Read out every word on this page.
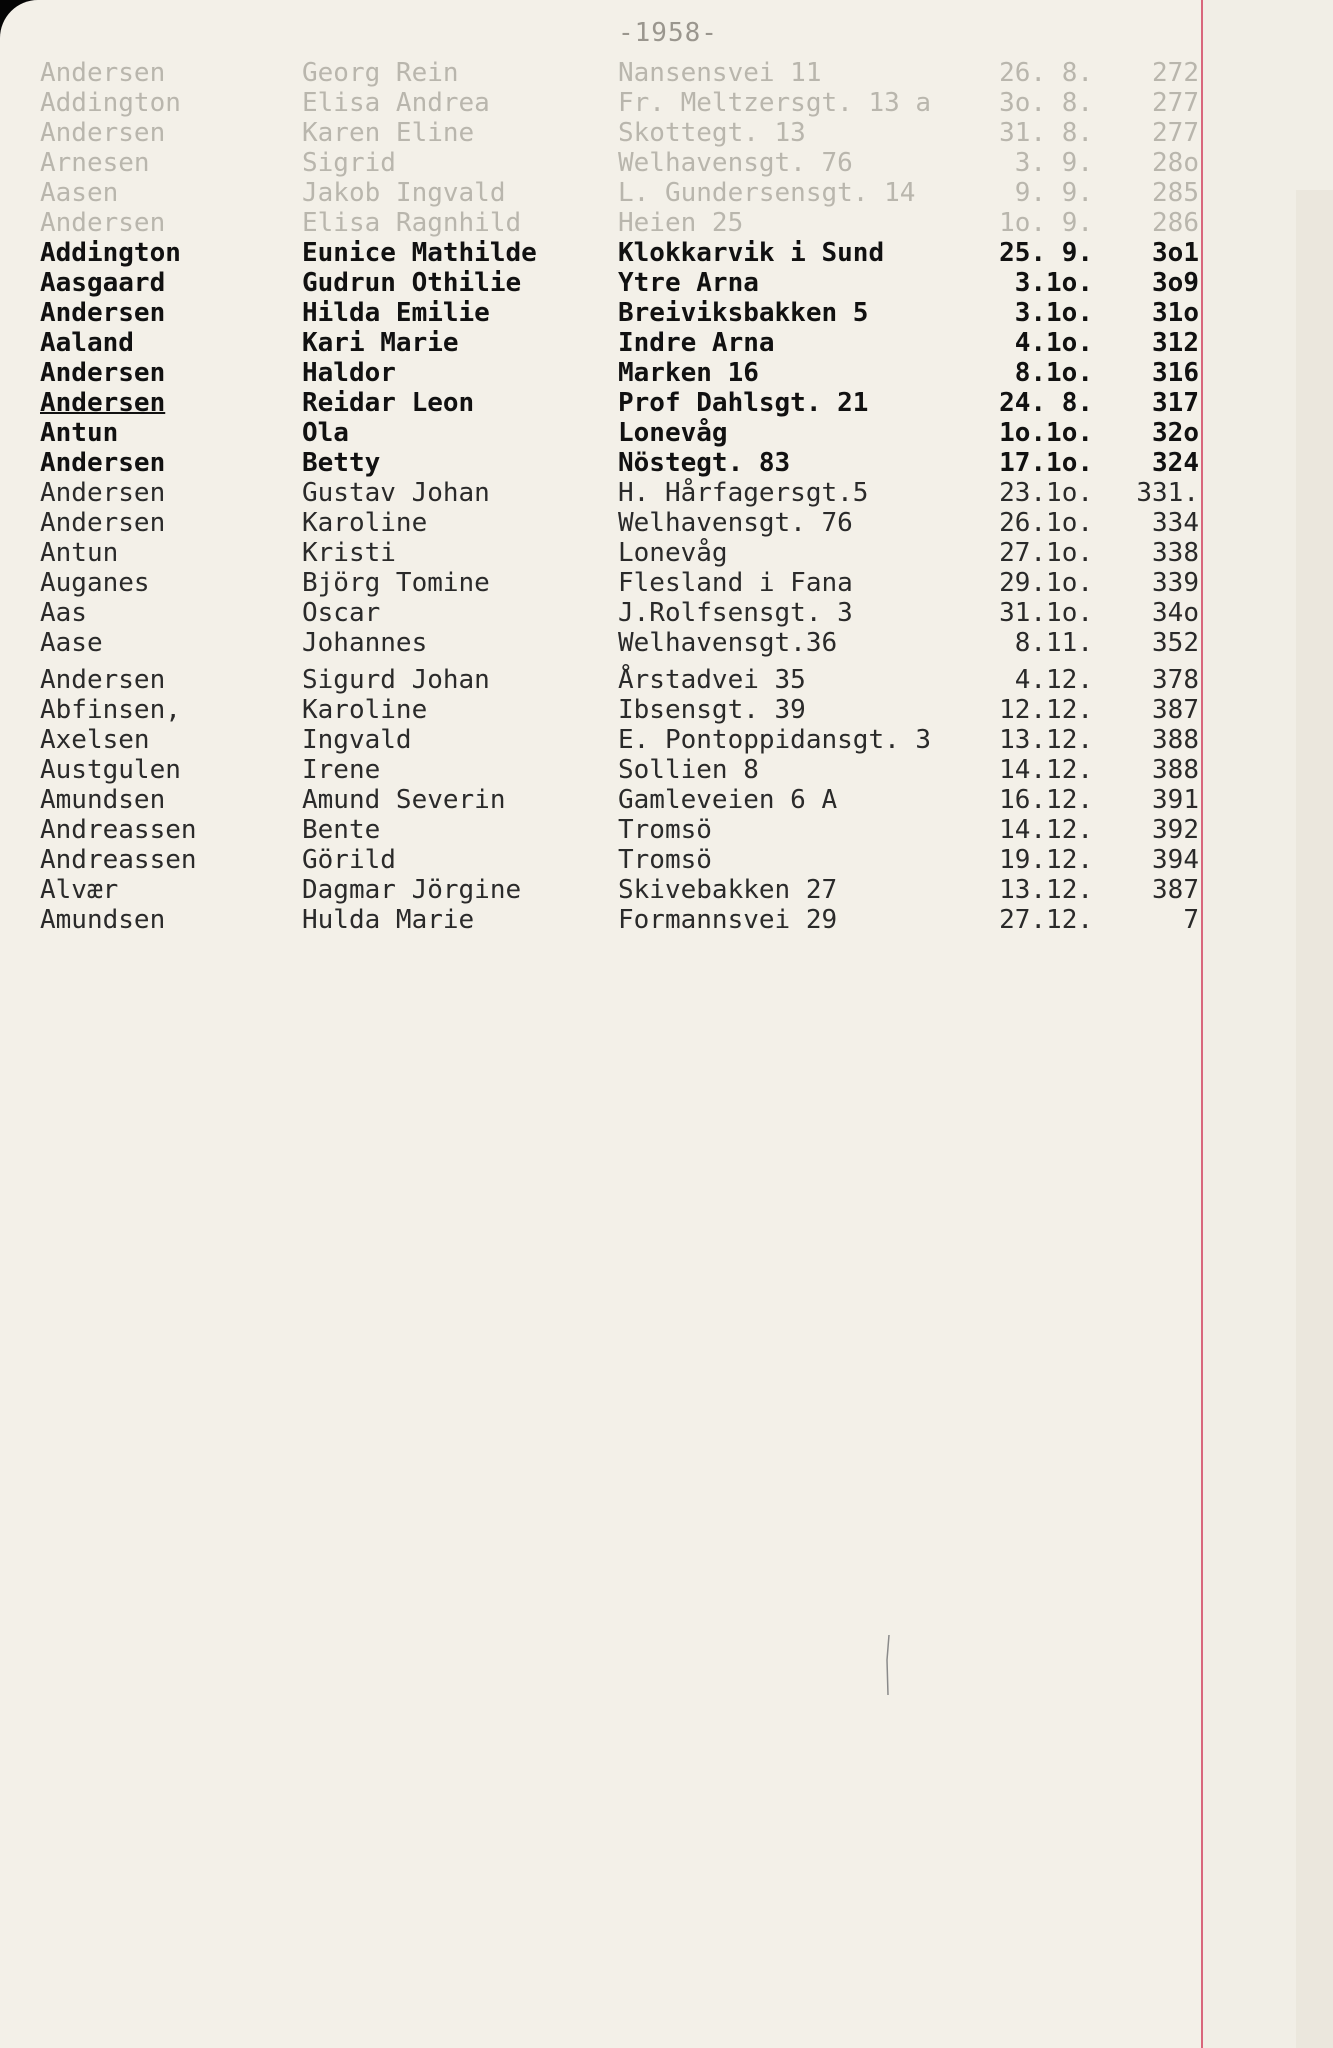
-1958-
Andersen	Georg Rein	Nansensvei 11	26. 8.	272
Addington	Elisa Andrea	Fr. Meltzersgt. 13 a	3o. 8.	277
Andersen	Karen Eline	Skottegt. 13	31. 8.	277
Arnesen	Sigrid	Welhavensgt. 76	3. 9.	28o
Aasen	Jakob Ingvald	L. Gundersensgt. 14	9. 9.	285
Andersen	Elisa Ragnhild	Heien 25	1o. 9.	286
Addington	Eunice Mathilde	Klokkarvik i Sund	25. 9.	3o1
Aasgaard	Gudrun Othilie	Ytre Arna	3.1o.	3o9
Andersen	Hilda Emilie	Breiviksbakken 5	3.1o.	31o
Aaland	Kari Marie	Indre Arna	4.1o.	312
Andersen	Haldor	Marken 16	8.1o.	316
Andersen	Reidar Leon	Prof Dahlsgt. 21	24. 8.	317
Antun	Ola	Lonevåg	1o.1o.	32o
Andersen	Betty	Nöstegt. 83	17.1o.	324
Andersen	Gustav Johan	H. Hårfagersgt.5	23.1o.	331.
Andersen	Karoline	Welhavensgt. 76	26.1o.	334
Antun	Kristi	Lonevåg	27.1o.	338
Auganes	Björg Tomine	Flesland i Fana	29.1o.	339
Aas	Oscar	J.Rolfsensgt. 3	31.1o.	34o
Aase	Johannes	Welhavensgt.36	8.11.	352
Andersen	Sigurd Johan	Årstadvei 35	4.12.	378
Abfinsen,	Karoline	Ibsensgt. 39	12.12.	387
Axelsen	Ingvald	E. Pontoppidansgt. 3	13.12.	388
Austgulen	Irene	Sollien 8	14.12.	388
Amundsen	Amund Severin	Gamleveien 6 A	16.12.	391
Andreassen	Bente	Tromsö	14.12.	392
Andreassen	Görild	Tromsö	19.12.	394
Alvær	Dagmar Jörgine	Skivebakken 27	13.12.	387
Amundsen	Hulda Marie	Formannsvei 29	27.12.	7
